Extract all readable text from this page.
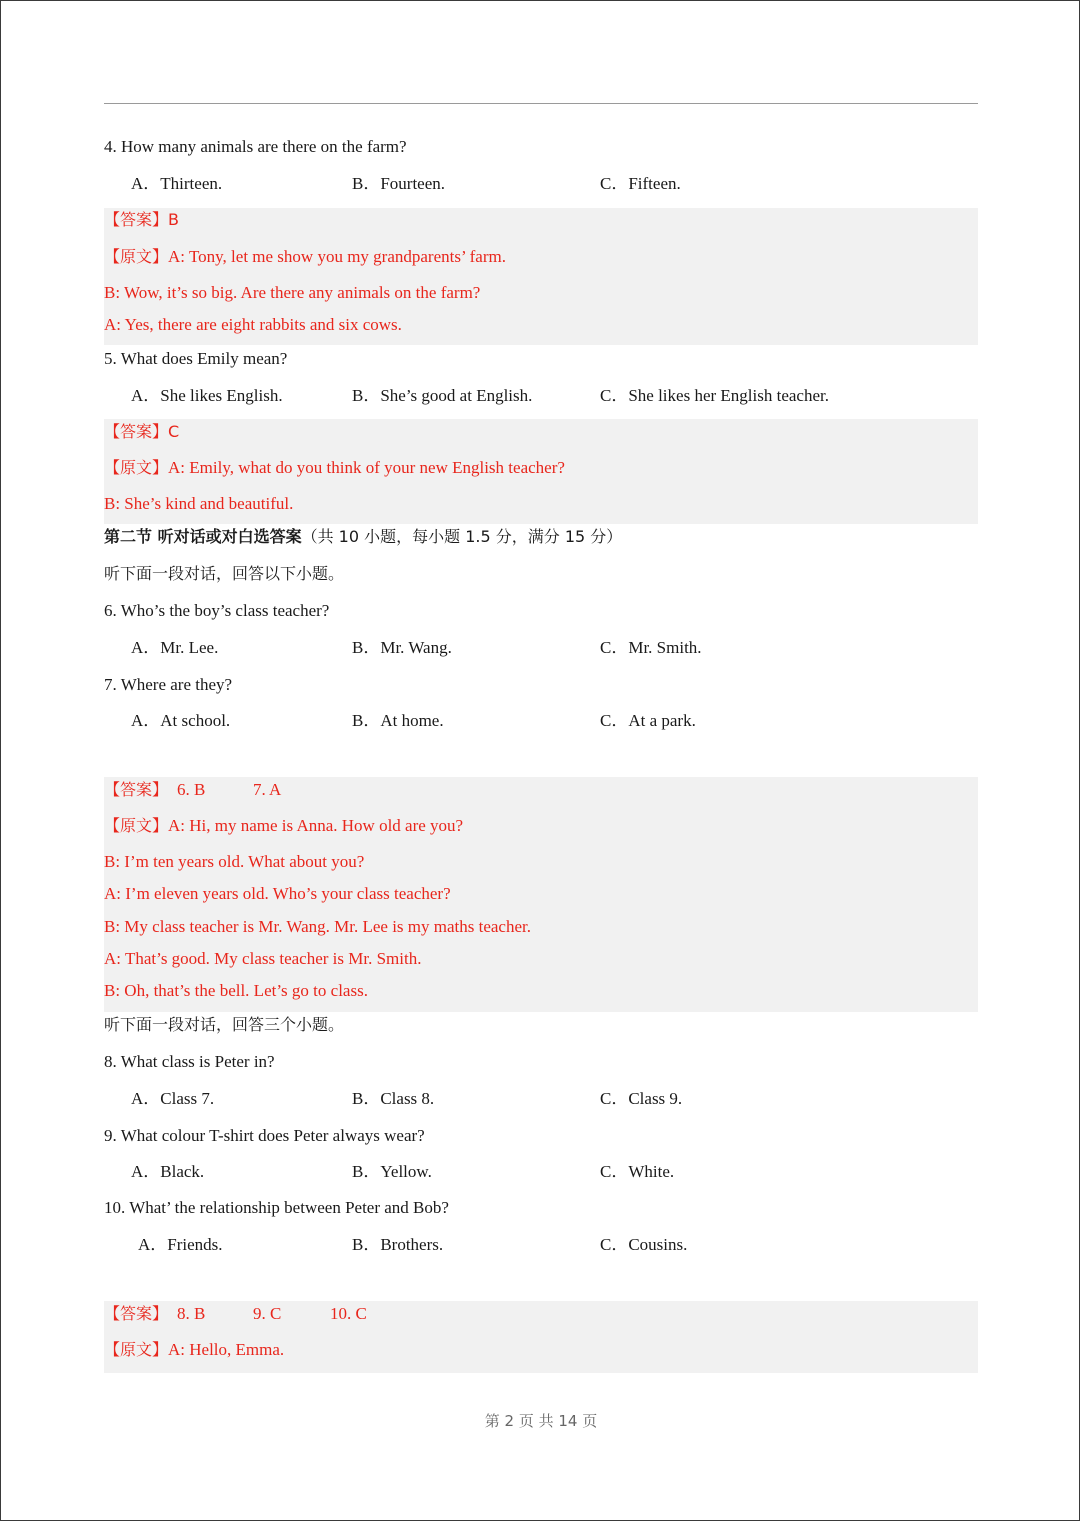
4. How many animals are there on the farm?
A．Thirteen.	B．Fourteen.	C．Fifteen.
【答案】B
【原文】A: Tony, let me show you my grandparents’ farm.
B: Wow, it’s so big. Are there any animals on the farm?
A: Yes, there are eight rabbits and six cows.
5. What does Emily mean?
A．She likes English.	B．She’s good at English.	C．She likes her English teacher.
【答案】C
【原文】A: Emily, what do you think of your new English teacher?
B: She’s kind and beautiful.
第二节 听对话或对白选答案（共 10 小题，每小题 1.5 分，满分 15 分）
听下面一段对话，回答以下小题。
6. Who’s the boy’s class teacher?
A．Mr. Lee.	B．Mr. Wang.	C．Mr. Smith.
7. Where are they?
A．At school.	B．At home.	C．At a park.
【答案】 6. B	7. A
【原文】A: Hi, my name is Anna. How old are you?
B: I’m ten years old. What about you?
A: I’m eleven years old. Who’s your class teacher?
B: My class teacher is Mr. Wang. Mr. Lee is my maths teacher.
A: That’s good. My class teacher is Mr. Smith.
B: Oh, that’s the bell. Let’s go to class.
听下面一段对话，回答三个小题。
8. What class is Peter in?
A．Class 7.	B．Class 8.	C．Class 9.
9. What colour T-shirt does Peter always wear?
A．Black.	B．Yellow.	C．White.
10. What’ the relationship between Peter and Bob?
A．Friends.	B．Brothers.	C．Cousins.
【答案】 8. B	9. C	10. C
【原文】A: Hello, Emma.
第 2 页 共 14 页
